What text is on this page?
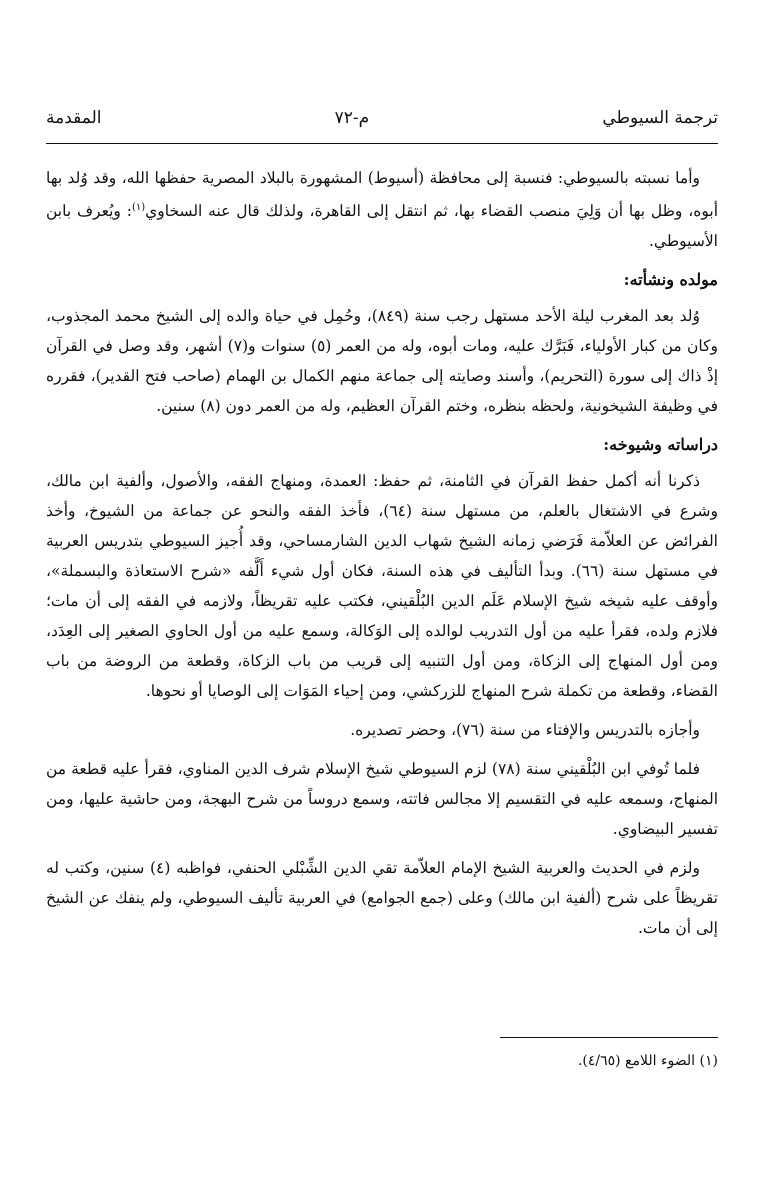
ترجمة السيوطي
م-٧٢
المقدمة

وأما نسبته بالسيوطي: فنسبة إلى محافظة (أسيوط) المشهورة بالبلاد المصرية حفظها الله، وقد وُلد بها أبوه، وظل بها أن وَلِيَ منصب القضاء بها، ثم انتقل إلى القاهرة، ولذلك قال عنه السخاوي$^{(١)}$: ويُعرف بابن الأسيوطي.

مولده ونشأته:

وُلد بعد المغرب ليلة الأحد مستهل رجب سنة (٨٤٩)، وحُمِل في حياة والده إلى الشيخ محمد المجذوب، وكان من كبار الأولياء، فَبَرَّك عليه، ومات أبوه، وله من العمر (٥) سنوات و(٧) أشهر، وقد وصل في القرآن إذْ ذاك إلى سورة (التحريم)، وأسند وصايته إلى جماعة منهم الكمال بن الهمام (صاحب فتح القدير)، فقرره في وظيفة الشيخونية، ولحظه بنظره، وختم القرآن العظيم، وله من العمر دون (٨) سنين.

دراساته وشيوخه:

ذكرنا أنه أكمل حفظ القرآن في الثامنة، ثم حفظ: العمدة، ومنهاج الفقه، والأصول، وألفية ابن مالك، وشرع في الاشتغال بالعلم، من مستهل سنة (٦٤)، فأخذ الفقه والنحو عن جماعة من الشيوخ، وأخذ الفرائض عن العلاّمة فَرَضي زمانه الشيخ شهاب الدين الشارمساحي، وقد أُجيز السيوطي بتدريس العربية في مستهل سنة (٦٦). وبدأ التأليف في هذه السنة، فكان أول شيء أَلَّفه «شرح الاستعاذة والبسملة»، وأوقف عليه شيخه شيخ الإسلام عَلَم الدين البُلْقيني، فكتب عليه تقريظاً، ولازمه في الفقه إلى أن مات؛ فلازم ولده، فقرأ عليه من أول التدريب لوالده إلى الوَكالة، وسمع عليه من أول الحاوي الصغير إلى العِدَد، ومن أول المنهاج إلى الزكاة، ومن أول التنبيه إلى قريب من باب الزكاة، وقطعة من الروضة من باب القضاء، وقطعة من تكملة شرح المنهاج للزركشي، ومن إحياء المَوَات إلى الوصايا أو نحوها.

وأجازه بالتدريس والإفتاء من سنة (٧٦)، وحضر تصديره.

فلما تُوفي ابن البُلْقيني سنة (٧٨) لزم السيوطي شيخ الإسلام شرف الدين المناوي، فقرأ عليه قطعة من المنهاج، وسمعه عليه في التقسيم إلا مجالس فاتته، وسمع دروساً من شرح البهجة، ومن حاشية عليها، ومن تفسير البيضاوي.

ولزم في الحديث والعربية الشيخ الإمام العلاّمة تقي الدين الشِّبْلي الحنفي، فواظبه (٤) سنين، وكتب له تقريظاً على شرح (ألفية ابن مالك) وعلى (جمع الجوامع) في العربية تأليف السيوطي، ولم ينفك عن الشيخ إلى أن مات.

(١) الضوء اللامع (٤/٦٥).
